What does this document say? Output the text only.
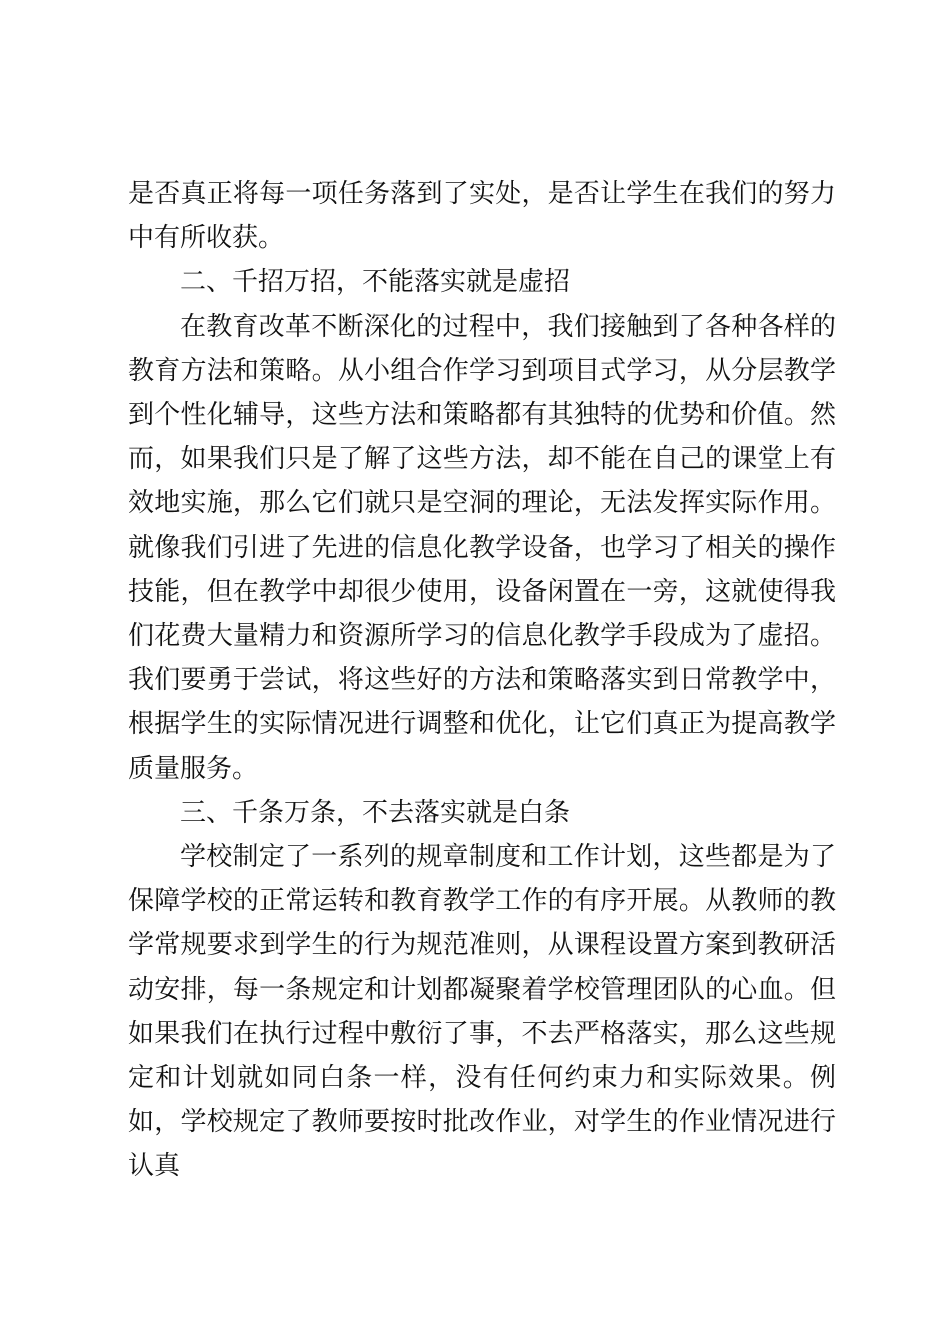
是否真正将每一项任务落到了实处，是否让学生在我们的努力中有所收获。

二、千招万招，不能落实就是虚招

在教育改革不断深化的过程中，我们接触到了各种各样的教育方法和策略。从小组合作学习到项目式学习，从分层教学到个性化辅导，这些方法和策略都有其独特的优势和价值。然而，如果我们只是了解了这些方法，却不能在自己的课堂上有效地实施，那么它们就只是空洞的理论，无法发挥实际作用。就像我们引进了先进的信息化教学设备，也学习了相关的操作技能，但在教学中却很少使用，设备闲置在一旁，这就使得我们花费大量精力和资源所学习的信息化教学手段成为了虚招。我们要勇于尝试，将这些好的方法和策略落实到日常教学中，根据学生的实际情况进行调整和优化，让它们真正为提高教学质量服务。

三、千条万条，不去落实就是白条

学校制定了一系列的规章制度和工作计划，这些都是为了保障学校的正常运转和教育教学工作的有序开展。从教师的教学常规要求到学生的行为规范准则，从课程设置方案到教研活动安排，每一条规定和计划都凝聚着学校管理团队的心血。但如果我们在执行过程中敷衍了事，不去严格落实，那么这些规定和计划就如同白条一样，没有任何约束力和实际效果。例如，学校规定了教师要按时批改作业，对学生的作业情况进行认真
